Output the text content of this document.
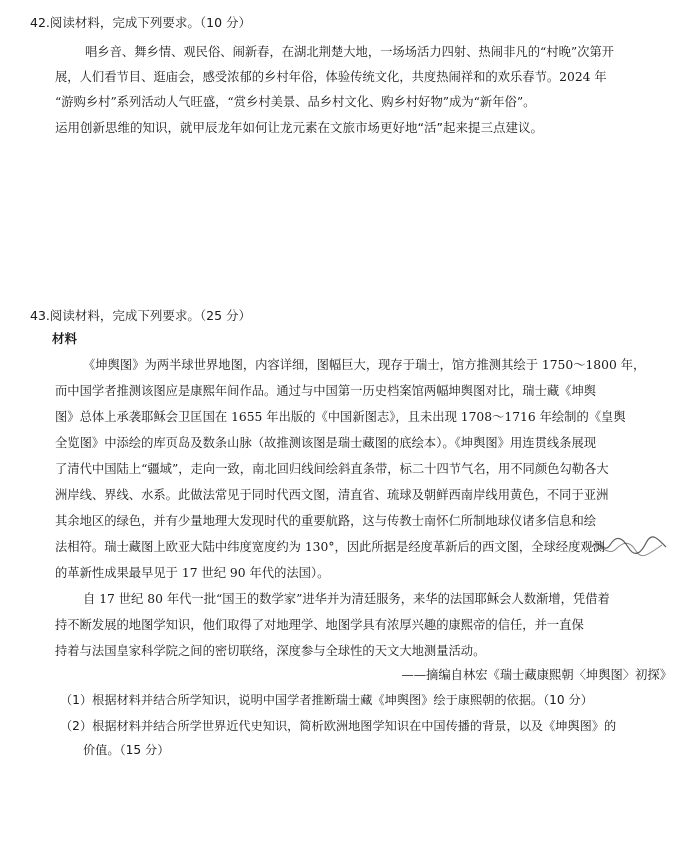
42.阅读材料，完成下列要求。（10 分）
唱乡音、舞乡情、观民俗、闹新春，在湖北荆楚大地，一场场活力四射、热闹非凡的“村晚”次第开
展，人们看节目、逛庙会，感受浓郁的乡村年俗，体验传统文化，共度热闹祥和的欢乐春节。2024 年
“游购乡村”系列活动人气旺盛，“赏乡村美景、品乡村文化、购乡村好物”成为“新年俗”。
运用创新思维的知识，就甲辰龙年如何让龙元素在文旅市场更好地“活”起来提三点建议。
43.阅读材料，完成下列要求。（25 分）
材料
《坤舆图》为两半球世界地图，内容详细，图幅巨大，现存于瑞士，馆方推测其绘于 1750～1800 年，
而中国学者推测该图应是康熙年间作品。通过与中国第一历史档案馆两幅坤舆图对比，瑞士藏《坤舆
图》总体上承袭耶稣会卫匡国在 1655 年出版的《中国新图志》，且未出现 1708～1716 年绘制的《皇舆
全览图》中添绘的库页岛及数条山脉（故推测该图是瑞士藏图的底绘本）。《坤舆图》用连贯线条展现
了清代中国陆上“疆域”，走向一致，南北回归线间绘斜直条带，标二十四节气名，用不同颜色勾勒各大
洲岸线、界线、水系。此做法常见于同时代西文图，清直省、琉球及朝鲜西南岸线用黄色，不同于亚洲
其余地区的绿色，并有少量地理大发现时代的重要航路，这与传教士南怀仁所制地球仪诸多信息和绘
法相符。瑞士藏图上欧亚大陆中纬度宽度约为 130°，因此所据是经度革新后的西文图，全球经度观测
的革新性成果最早见于 17 世纪 90 年代的法国）。
自 17 世纪 80 年代一批“国王的数学家”进华并为清廷服务，来华的法国耶稣会人数渐增，凭借着
持不断发展的地图学知识，他们取得了对地理学、地图学具有浓厚兴趣的康熙帝的信任，并一直保
持着与法国皇家科学院之间的密切联络，深度参与全球性的天文大地测量活动。
——摘编自林宏《瑞士藏康熙朝〈坤舆图〉初探》
（1）根据材料并结合所学知识，说明中国学者推断瑞士藏《坤舆图》绘于康熙朝的依据。（10 分）
（2）根据材料并结合所学世界近代史知识，简析欧洲地图学知识在中国传播的背景，以及《坤舆图》的
价值。（15 分）
